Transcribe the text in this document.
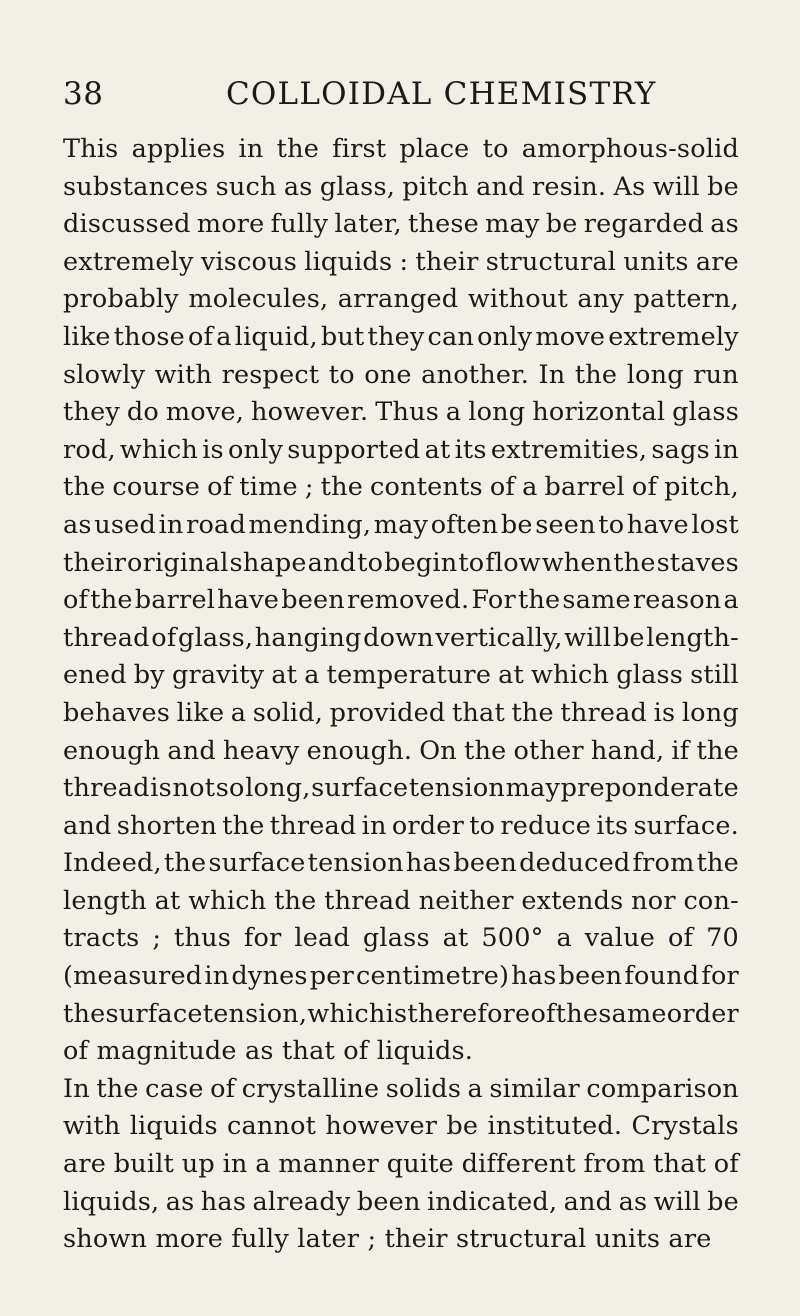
38	COLLOIDAL CHEMISTRY
This applies in the first place to amorphous-solid
substances such as glass, pitch and resin. As will be
discussed more fully later, these may be regarded as
extremely viscous liquids : their structural units are
probably molecules, arranged without any pattern,
like those of a liquid, but they can only move extremely
slowly with respect to one another. In the long run
they do move, however. Thus a long horizontal glass
rod, which is only supported at its extremities, sags in
the course of time ; the contents of a barrel of pitch,
as used in road mending, may often be seen to have lost
their original shape and to begin to flow when the staves
of the barrel have been removed. For the same reason a
thread of glass, hanging down vertically, will be length-
ened by gravity at a temperature at which glass still
behaves like a solid, provided that the thread is long
enough and heavy enough. On the other hand, if the
thread is not so long, surface tension may preponderate
and shorten the thread in order to reduce its surface.
Indeed, the surface tension has been deduced from the
length at which the thread neither extends nor con-
tracts ; thus for lead glass at 500° a value of 70
(measured in dynes per centimetre) has been found for
the surface tension, which is therefore of the same order
of
magnitude
as
that
of
liquids.
In the case of crystalline solids a similar comparison
with liquids cannot however be instituted. Crystals
are built up in a manner quite different from that of
liquids, as has already been indicated, and as will be
shown
more
fully
later
;
their
structural
units
are
